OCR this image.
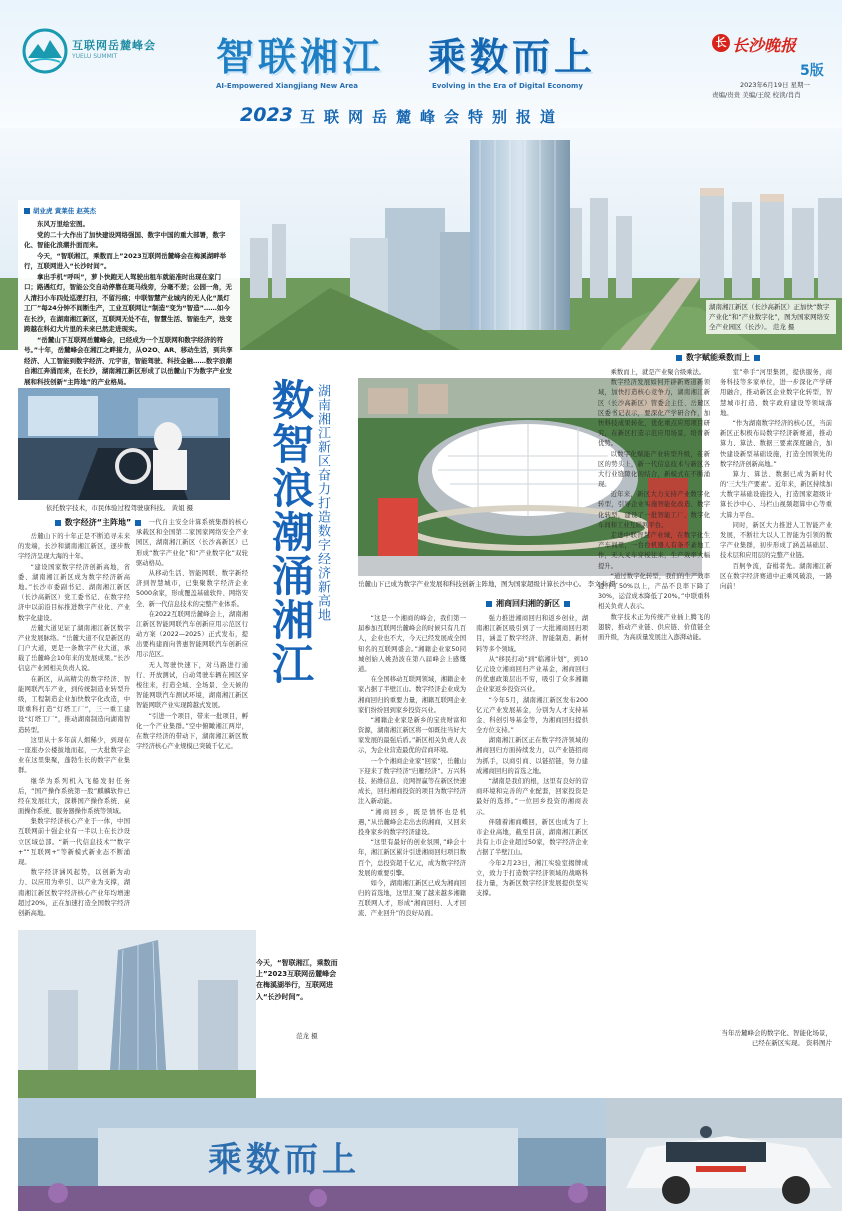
互联网岳麓峰会
YUELU SUMMIT	智联湘江 乘数而上
AI-Empowered Xiangjiang New Area	Evolving in the Era of Digital Economy
2023 互联网岳麓峰会特别报道
长 长沙晚报
5版
2023年6月19日 星期一
责编/贵贵 美编/王皖 校读/肖肖
湖南湘江新区（长沙高新区）正加快“数字产业化”和“产业数字化”，图为国家网络安全产业园区（长沙）。 范龙 摄
胡业虎 黄莱佳 赵英杰

东风万里绘宏图。

党的二十大作出了加快建设网络强国、数字中国的重大部署，数字化、智能化浪潮扑面而来。

今天，“智联湘江，乘数而上”2023互联网岳麓峰会在梅溪湖畔举行，互联网进入“长沙时间”。

拿出手机“呼叫”，萝卜快跑无人驾驶出租车就能准时出现在家门口；路遇红灯，智能公交自动停靠在斑马线旁，分毫不差；公园一角，无人清扫小车四处巡逻打扫，不留污痕；中联智慧产业城内的无人化“黑灯工厂”每24分钟不间断生产，工业互联网让“制造”变为“智造”……如今在长沙，在湖南湘江新区，互联网无处不在，智慧生活、智能生产，迭变跨越在科幻大片里的未来已然走进现实。

“岳麓山下互联网岳麓峰会，已经成为一个互联网和数字经济的符号。”十年，岳麓峰会在湘江之畔接力，从O2O、AR、移动生活，到共享经济、人工智能到数字经济、元宇宙，智能驾驶、科技金融……数字浪潮自湘江奔涌而来，在长沙，湖南湘江新区形成了以岳麓山下为数字产业发展和科技创新“主阵地”的产业格局。

依托数字技术，市民体验过程驾驶康科技。 黄姐 摄
数字经济“主阵地”

岳麓山下的十年正是不断追寻未来的发端，长沙和湖南湘江新区，逐步数字经济呈现大海的十年。

“建设国家数字经济创新高地，省委、湖南湘江新区成为数字经济新高地。”长沙市委副书记、湖南湘江新区（长沙高新区）党工委书记、在数字经济中以前沿目标推进数字产业化、产业数字化建设。

岳麓大道见证了湖南湘江新区数字产业发展脉络。“岳麓大道不仅是新区的门户大道，更是一条数字产业大道，承载了岳麓峰会10年来的发展成果。”长沙信息产业园相关负责人说。

在新区，从高精尖的数字经济、智能网联汽车产业，到传统制造业转型升级，工程制造企业加快数字化改造，中联重科打造“灯塔工厂”，三一重工建设“灯塔工厂”，推动湖南制造向湖南智造转型。

这里从十多年前人烟稀少，到现在一座座办公楼拔地而起，一大批数字企业在这里集聚，蓬勃生长的数字产业集群。

继华为系列机入飞船发射任务后，“国产操作系统第一股”麒麟软件已经在发展壮大，深耕国产操作系统、桌面操作系统、服务器操作系统等领域。

集数字经济核心产业于一体，中国互联网前十强企业有一半以上在长沙设立区域总部。“新一代信息技术”“数字+”“互联网+”等新模式新业态不断涌现。

数字经济涵风起势，以创新为动力、以应用为牵引、以产业为支撑，湖南湘江新区数字经济核心产业年均增速超过20%，正在加速打造全国数字经济创新高地。

一代自主安全计算系统集群的核心承载区和全国第二家国家网络安全产业园区，湖南湘江新区（长沙高新区）已形成“数字产业化”和“产业数字化”双轮驱动格局。

从移动生活、智能网联、数字新经济到智慧城市，已集聚数字经济企业5000余家，形成覆盖基础软件、网络安全、新一代信息技术的完整产业体系。

在2022互联网岳麓峰会上，湖南湘江新区智能网联汽车创新应用示范区行动方案（2022—2025）正式发布，提出要构建面向普惠智能网联汽车创新应用示范区。

无人驾驶快速下，对马路进行通行、开放测试，自动驾驶车辆在园区穿梭往来，打造全域、全场景、全天候的智能网联汽车测试环境，湖南湘江新区智能网联产业实现跨越式发展。

“引进一个项目，带来一批项目，孵化一个产业集群。”空中俯瞰湘江两岸，在数字经济的带动下，湖南湘江新区数字经济核心产业规模已突破千亿元。

数智浪潮涌湘江 湖南湘江新区奋力打造数字经济新高地	岳麓山下已成为数字产业发展和科技创新主阵地，图为国家超级计算长沙中心。 李文泰 摄
湘商回归湘的新区

“这是一个湘商的峰会，我们第一届参加互联网岳麓峰会的时候只有几百人，企业也不大，今天已经发展成全国知名的互联网盛会。”湘籍企业家50同城创始人姚劲波在第八届峰会上感慨道。

在全国移动互联网领域，湘籍企业家占据了半壁江山。数字经济企业成为湘商回归的重要力量，湘籍互联网企业家们纷纷回到家乡投资兴业。

“湘籍企业家是新乡的宝贵财富和资源，湖南湘江新区将一如既往当好大家发展的最强后盾。”新区相关负责人表示，为企业营造最优的营商环境。

一个个湘商企业家“回家”，岳麓山下迎来了数字经济“归雁经济”。万兴科技、拓维信息、竞网智赢等在新区快速成长，回归湘商投资的项目为数字经济注入新动能。

“湘商回乡，既是情怀也是机遇，”从岳麓峰会走出去的湘商，又回来投身家乡的数字经济建设。

“这里有最好的创业氛围，”峰会十年，湘江新区累计引进湘商回归项目数百个，总投资超千亿元，成为数字经济发展的重要引擎。

如今，湖南湘江新区已成为湘商回归的首选地，这里汇聚了越来越多湘籍互联网人才，形成“湘商回归、人才回流、产业回升”的良好局面。

强力推进湘商回归和返乡创业，湖南湘江新区吸引到了一大批湘商回归项目，涵盖了数字经济、智能制造、新材料等多个领域。

从“移民打动”到“临湘计划”，到10亿元设立湘商回归产业基金，湘商回归的优惠政策层出不穷，吸引了众多湘籍企业家返乡投资兴业。

“今年5月，湖南湘江新区发布200亿元产业发展基金，分别为人才支持基金、科创引导基金等，为湘商回归提供全方位支持。”

湖南湘江新区正在数字经济领域的湘商回归方面持续发力，以产业链招商为抓手，以商引商、以链招链，努力建成湘商回归的首选之地。

“湖南是我们的根，这里有良好的营商环境和完善的产业配套，回家投资是最好的选择。”一位回乡投资的湘商表示。

伴随着湘商蝶回，新区也成为了上市企业高地，截至目前，湖南湘江新区共有上市企业超过50家，数字经济企业占据了半壁江山。

今年2月23日，湘江实验室揭牌成立，致力于打造数字经济领域的战略科技力量，为新区数字经济发展提供坚实支撑。

数字赋能乘数而上

乘数而上，就是产业聚合级乘法。

数字经济发展如何开辟新赛道新领域，加快打造核心竞争力，湖南湘江新区（长沙高新区）管委会主任、岳麓区区委书记表示，要深化产学研合作，加快科技成果转化，优化重点应用项目研究，在新区打造示范应用场景，培育新优势。

以数字化赋能产业转型升级，在新区的势头上，新一代信息技术与新区各大行业缝隙化的结合，新模式在不断涌现。

近年来，新区大力支持产业数字化转型，引导企业实施智能化改造、数字化转型，建设了一批智能工厂、数字化车间和工业互联网平台。

走进中联智慧产业城，在数字化生产车间里，一台台机器人有条不紊地工作，无人叉车穿梭往来，生产效率大幅提升。

“通过数字化转型，我们的生产效率提升了50%以上，产品不良率下降了30%，运营成本降低了20%。”中联重科相关负责人表示。

数字技术正为传统产业插上腾飞的翅膀，推动产业链、供应链、价值链全面升级，为高质量发展注入澎湃动能。

室”牵手“河里集团，提供服务，商务科技等多家单位，进一步深化产学研用融合，推动新区企业数字化转型，智慧城市打造、数字政府建设等领域落地。

“作为湖南数字经济的核心区，当前新区正积极布局数字经济新赛道，推动算力、算法、数据三要素深度融合，加快建设新型基础设施，打造全国领先的数字经济创新高地。”

算力、算法、数据已成为新时代的‘三大生产要素’。近年来，新区持续加大数字基础设施投入，打造国家超级计算长沙中心、马栏山视频超算中心等重大算力平台。

同时，新区大力推进人工智能产业发展，不断壮大以人工智能为引领的数字产业集群，初步形成了涵盖基础层、技术层和应用层的完整产业链。

百舸争流，奋楫者先。湖南湘江新区在数字经济赛道中正乘风破浪，一路向前！

今天，“智联湘江，乘数而上”2023互联网岳麓峰会在梅溪湖举行，互联网进入“长沙时间”。
范龙 摄
乘数而上
当年岳麓峰会的数字化、智能化场景，已经在新区实现。 资料图片
